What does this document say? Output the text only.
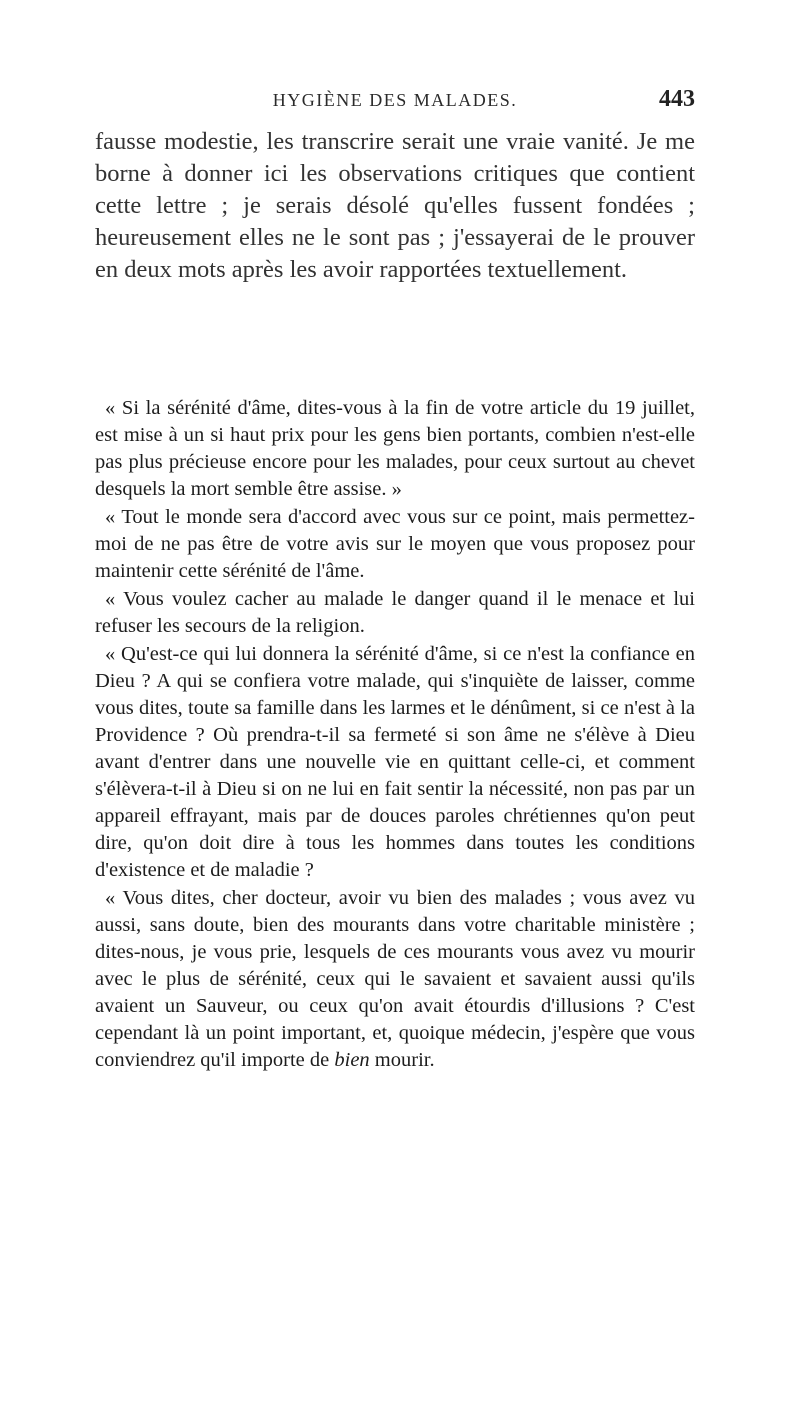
HYGIÈNE DES MALADES.	443

fausse modestie, les transcrire serait une vraie vanité. Je me borne à donner ici les observations critiques que contient cette lettre ; je serais désolé qu'elles fussent fondées ; heureusement elles ne le sont pas ; j'essayerai de le prouver en deux mots après les avoir rapportées textuellement.

« Si la sérénité d'âme, dites-vous à la fin de votre article du 19 juillet, est mise à un si haut prix pour les gens bien portants, combien n'est-elle pas plus précieuse encore pour les malades, pour ceux surtout au chevet desquels la mort semble être assise. »

« Tout le monde sera d'accord avec vous sur ce point, mais permettez-moi de ne pas être de votre avis sur le moyen que vous proposez pour maintenir cette sérénité de l'âme.

« Vous voulez cacher au malade le danger quand il le menace et lui refuser les secours de la religion.

« Qu'est-ce qui lui donnera la sérénité d'âme, si ce n'est la confiance en Dieu ? A qui se confiera votre malade, qui s'inquiète de laisser, comme vous dites, toute sa famille dans les larmes et le dénûment, si ce n'est à la Providence ? Où prendra-t-il sa fermeté si son âme ne s'élève à Dieu avant d'entrer dans une nouvelle vie en quittant celle-ci, et comment s'élèvera-t-il à Dieu si on ne lui en fait sentir la nécessité, non pas par un appareil effrayant, mais par de douces paroles chrétiennes qu'on peut dire, qu'on doit dire à tous les hommes dans toutes les conditions d'existence et de maladie ?

« Vous dites, cher docteur, avoir vu bien des malades ; vous avez vu aussi, sans doute, bien des mourants dans votre charitable ministère ; dites-nous, je vous prie, lesquels de ces mourants vous avez vu mourir avec le plus de sérénité, ceux qui le savaient et savaient aussi qu'ils avaient un Sauveur, ou ceux qu'on avait étourdis d'illusions ? C'est cependant là un point important, et, quoique médecin, j'espère que vous conviendrez qu'il importe de bien mourir.
